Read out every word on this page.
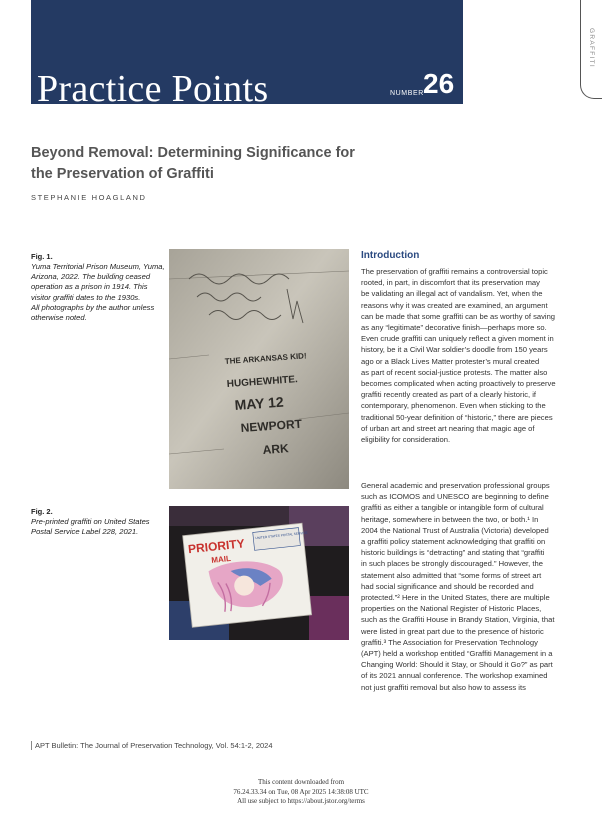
Practice Points	NUMBER 26
GRAFFITI
Beyond Removal: Determining Significance for
the Preservation of Graffiti
STEPHANIE HOAGLAND
Fig. 1.
Yuma Territorial Prison Museum, Yuma,
Arizona, 2022. The building ceased
operation as a prison in 1914. This
visitor graffiti dates to the 1930s.
All photographs by the author unless
otherwise noted.
THE ARKANSAS KID!
HUGHEWHITE.
MAY 12
NEWPORT
ARK
Fig. 2.
Pre-printed graffiti on United States
Postal Service Label 228, 2021.	UNITED STATES POSTAL SERVICE
PRIORITY
MAIL
Introduction
The preservation of graffiti remains a controversial topic
rooted, in part, in discomfort that its preservation may
be validating an illegal act of vandalism. Yet, when the
reasons why it was created are examined, an argument
can be made that some graffiti can be as worthy of saving
as any “legitimate” decorative finish—perhaps more so.
Even crude graffiti can uniquely reflect a given moment in
history, be it a Civil War soldier’s doodle from 150 years
ago or a Black Lives Matter protester’s mural created
as part of recent social-justice protests. The matter also
becomes complicated when acting proactively to preserve
graffiti recently created as part of a clearly historic, if
contemporary, phenomenon. Even when sticking to the
traditional 50-year definition of “historic,” there are pieces
of urban art and street art nearing that magic age of
eligibility for consideration.
General academic and preservation professional groups
such as ICOMOS and UNESCO are beginning to define
graffiti as either a tangible or intangible form of cultural
heritage, somewhere in between the two, or both.¹ In
2004 the National Trust of Australia (Victoria) developed
a graffiti policy statement acknowledging that graffiti on
historic buildings is “detracting” and stating that “graffiti
in such places be strongly discouraged.” However, the
statement also admitted that “some forms of street art
had social significance and should be recorded and
protected.”² Here in the United States, there are multiple
properties on the National Register of Historic Places,
such as the Graffiti House in Brandy Station, Virginia, that
were listed in great part due to the presence of historic
graffiti.³ The Association for Preservation Technology
(APT) held a workshop entitled “Graffiti Management in a
Changing World: Should it Stay, or Should it Go?” as part
of its 2021 annual conference. The workshop examined
not just graffiti removal but also how to assess its
APT Bulletin: The Journal of Preservation Technology, Vol. 54:1-2, 2024
This content downloaded from
76.24.33.34 on Tue, 08 Apr 2025 14:38:08 UTC
All use subject to https://about.jstor.org/terms
